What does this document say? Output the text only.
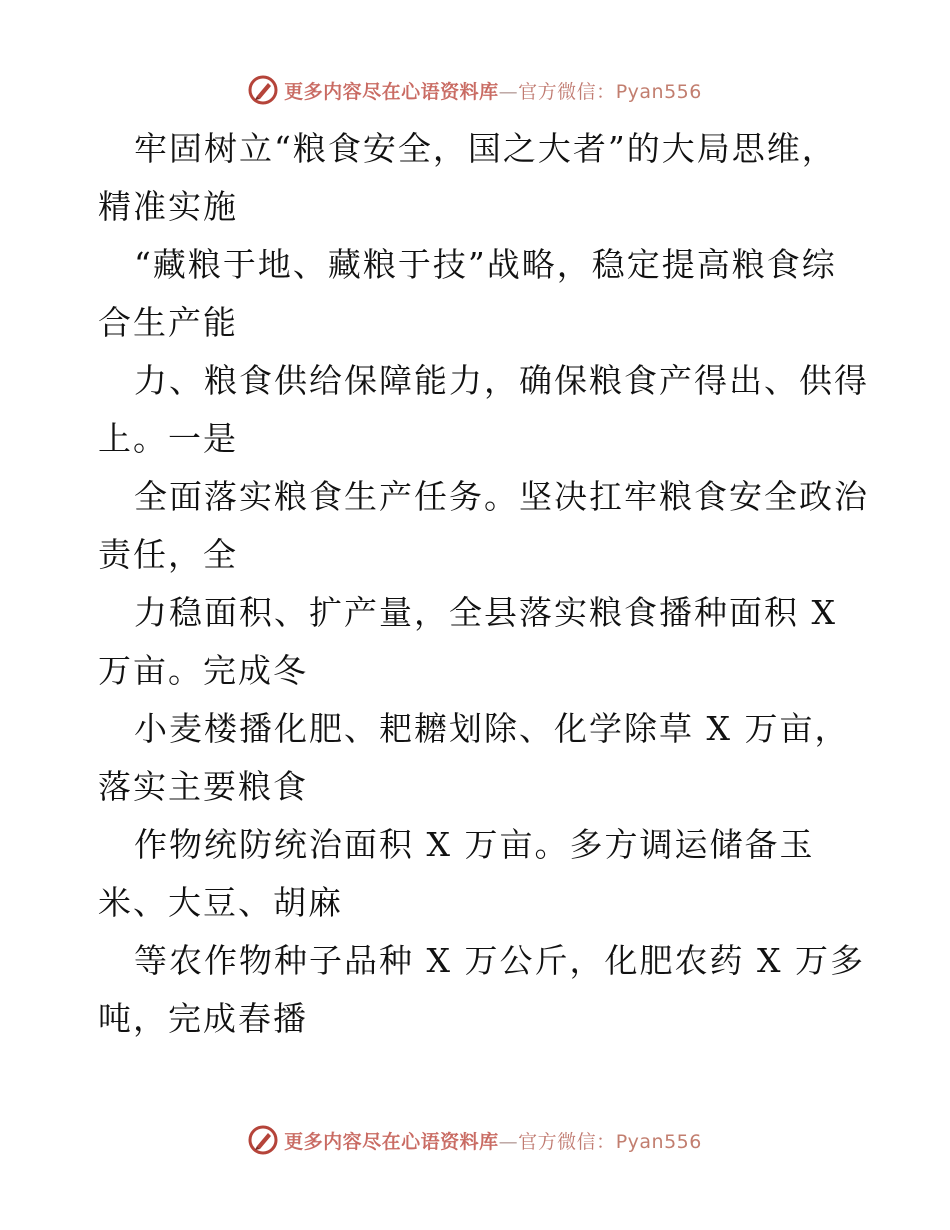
更多内容尽在心语资料库—官方微信：Pyan556
牢固树立“粮食安全，国之大者”的大局思维，
精准实施
“藏粮于地、藏粮于技”战略，稳定提高粮食综
合生产能
力、粮食供给保障能力，确保粮食产得出、供得
上。一是
全面落实粮食生产任务。坚决扛牢粮食安全政治
责任，全
力稳面积、扩产量，全县落实粮食播种面积 X
万亩。完成冬
小麦楼播化肥、耙耱划除、化学除草 X 万亩，
落实主要粮食
作物统防统治面积 X 万亩。多方调运储备玉
米、大豆、胡麻
等农作物种子品种 X 万公斤，化肥农药 X 万多
吨，完成春播
更多内容尽在心语资料库—官方微信：Pyan556
